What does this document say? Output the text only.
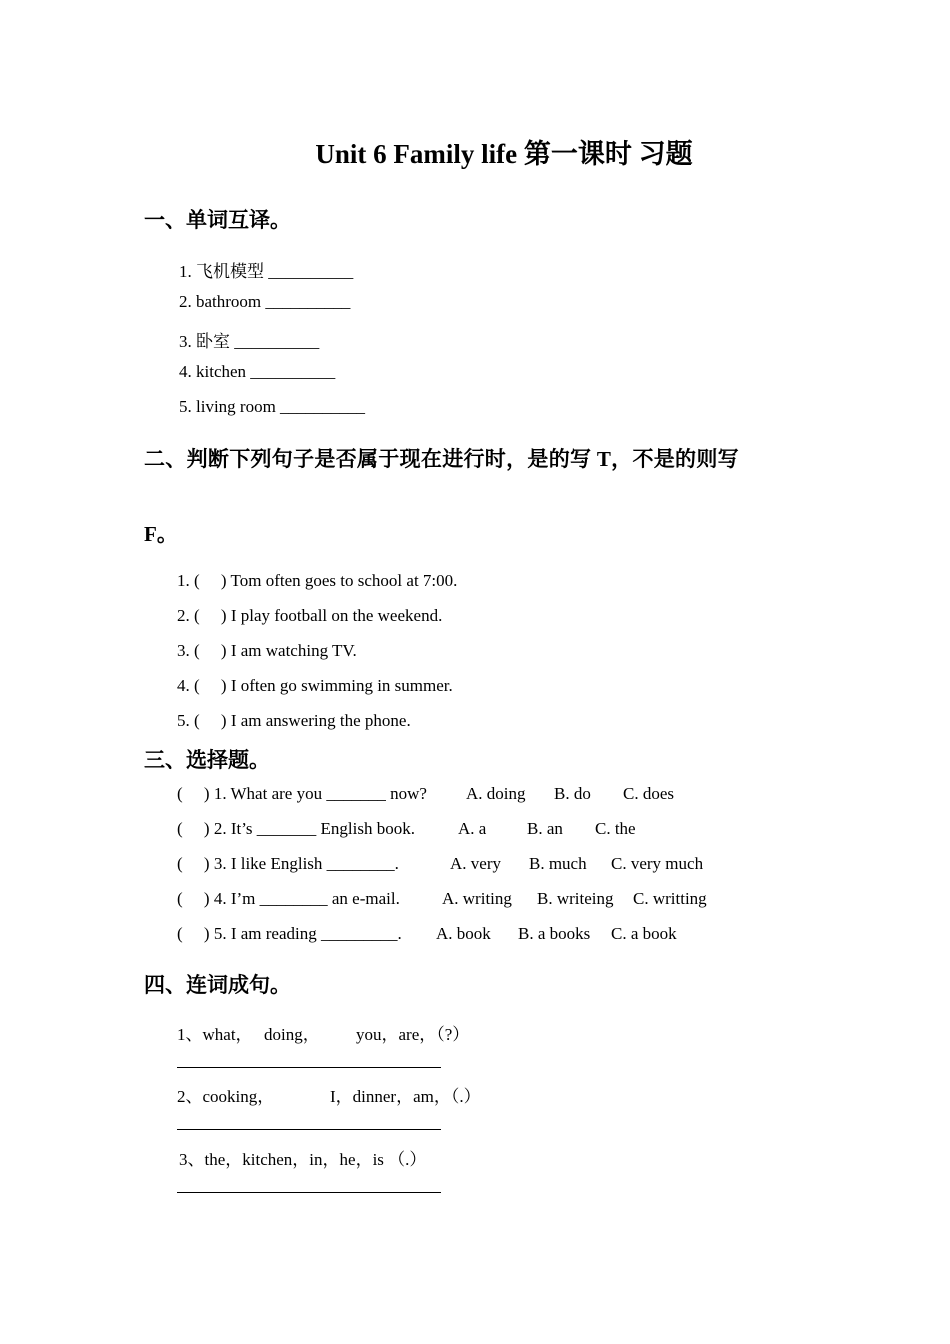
Unit 6 Family life 第一课时 习题
一、单词互译。
1. 飞机模型 __________
2. bathroom __________
3. 卧室 __________
4. kitchen __________
5. living room __________
二、判断下列句子是否属于现在进行时，是的写 T，不是的则写
F。
1. (     ) Tom often goes to school at 7:00.
2. (     ) I play football on the weekend.
3. (     ) I am watching TV.
4. (     ) I often go swimming in summer.
5. (     ) I am answering the phone.
三、选择题。
(     ) 1. What are you _______ now? A. doing B. do C. does
(     ) 2. It’s _______ English book.	A. a B. an C. the
(     ) 3. I like English ________.	A. very B. much C. very much
(     ) 4. I’m ________ an e-mail. A. writing B. writeing C. writting
(     ) 5. I am reading _________. A. book B. a books C. a book
四、连词成句。
1、what， doing， you，are，（?）
2、cooking，	I，dinner，am，（.）
3、the，kitchen，in，he，is （.）
